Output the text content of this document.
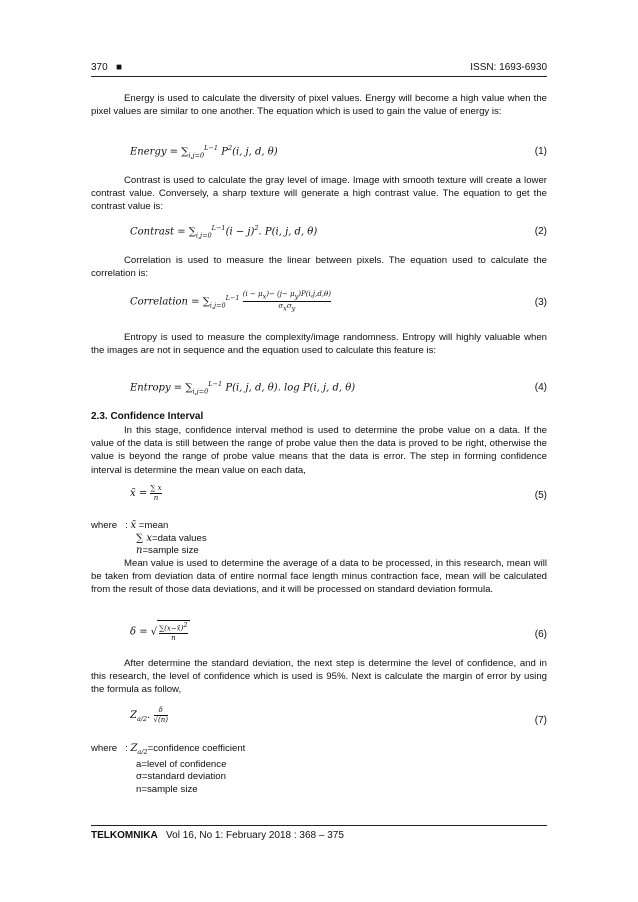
370 ■	ISSN: 1693-6930
Energy is used to calculate the diversity of pixel values. Energy will become a high value when the pixel values are similar to one another. The equation which is used to gain the value of energy is:
Energy = $\sum_{i,j=0}^{L-1}$ $P^2(i$, j, d, θ)	(1)
Contrast is used to calculate the gray level of image. Image with smooth texture will create a lower contrast value. Conversely, a sharp texture will generate a high contrast value. The equation to get the contrast value is:
Contrast = $\sum_{i,j=0}^{L-1}(i - j)^2$. P(i, j, d, θ)	(2)
Correlation is used to measure the linear between pixels. The equation used to calculate the correlation is:
Correlation = $\sum_{i,j=0}^{L-1} \frac{(i - \mu_x)- (j- \mu_y)P(i,j,d,\theta)}{\sigma_x\sigma_y}$	(3)
Entropy is used to measure the complexity/image randomness. Entropy will highly valuable when the images are not in sequence and the equation used to calculate this feature is:
Entropy = $\sum_{i,j=0}^{L-1}$ P(i, j, d, θ). log P(i, j, d, θ)	(4)
2.3. Confidence Interval
In this stage, confidence interval method is used to determine the probe value on a data. If the value of the data is still between the range of probe value then the data is proved to be right, otherwise the value is beyond the range of probe value means that the data is error. The step in forming confidence interval is determine the mean value on each data,
x̄ = $\frac{\sum x}{n}$	(5)
where   : x̄ =mean
∑ x=data values
n=sample size
Mean value is used to determine the average of a data to be processed, in this research, mean will be taken from deviation data of entire normal face length minus contraction face, mean will be calculated from the result of those data deviations, and it will be processed on standard deviation formula.
δ = √ $\frac{\sum(x-x̄)^2}{n}$	(6)
After determine the standard deviation, the next step is determine the level of confidence, and in this research, the level of confidence which is used is 95%. Next is calculate the margin of error by using the formula as follow,
$Z_{a/2}$. $\frac{\delta}{√(n)}$	(7)
where   : $Z_{a/2}=confidence$ coefficient
a=level of confidence
σ=standard deviation
n=sample size
TELKOMNIKA Vol 16, No 1: February 2018 : 368 – 375
